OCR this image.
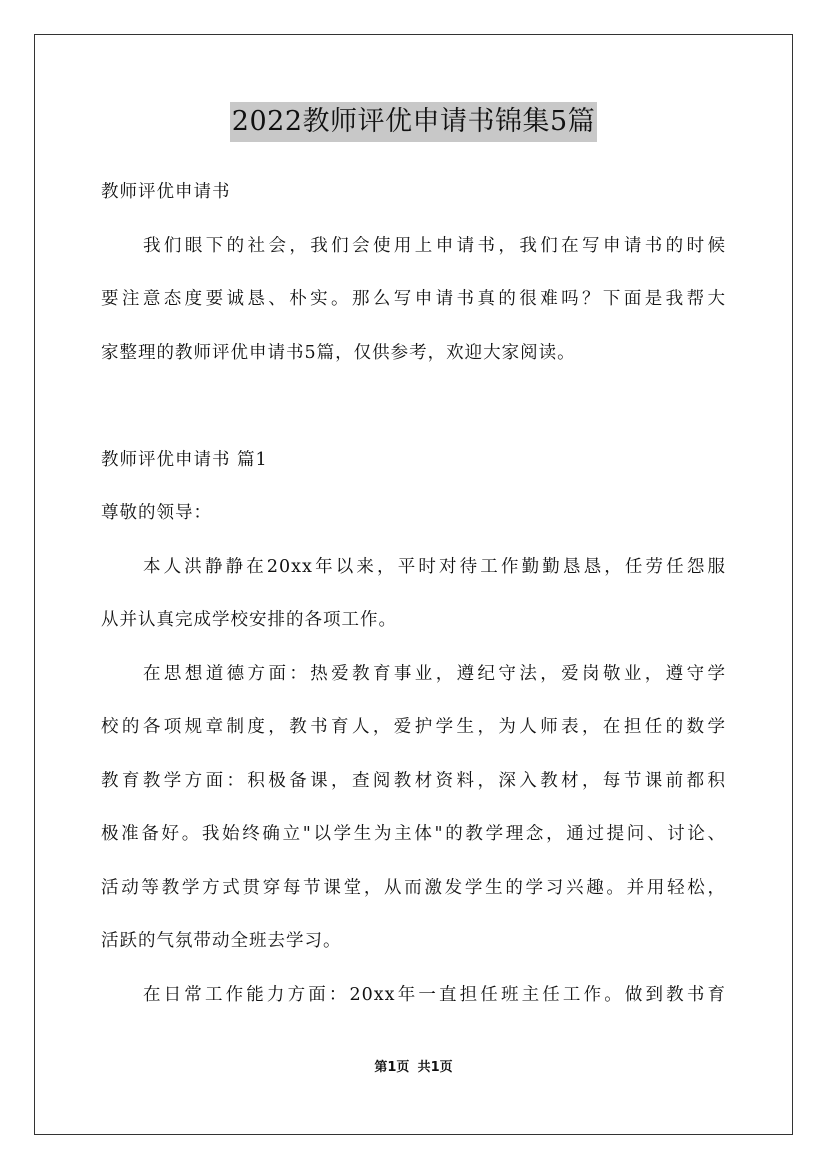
2022教师评优申请书锦集5篇
教师评优申请书
我们眼下的社会，我们会使用上申请书，我们在写申请书的时候
要注意态度要诚恳、朴实。那么写申请书真的很难吗？下面是我帮大
家整理的教师评优申请书5篇，仅供参考，欢迎大家阅读。
教师评优申请书 篇1
尊敬的领导：
本人洪静静在20xx年以来，平时对待工作勤勤恳恳，任劳任怨服
从并认真完成学校安排的各项工作。
在思想道德方面：热爱教育事业，遵纪守法，爱岗敬业，遵守学
校的各项规章制度，教书育人，爱护学生，为人师表，在担任的数学
教育教学方面：积极备课，查阅教材资料，深入教材，每节课前都积
极准备好。我始终确立"以学生为主体"的教学理念，通过提问、讨论、
活动等教学方式贯穿每节课堂，从而激发学生的学习兴趣。并用轻松，
活跃的气氛带动全班去学习。
在日常工作能力方面：20xx年一直担任班主任工作。做到教书育
第1页 共1页
